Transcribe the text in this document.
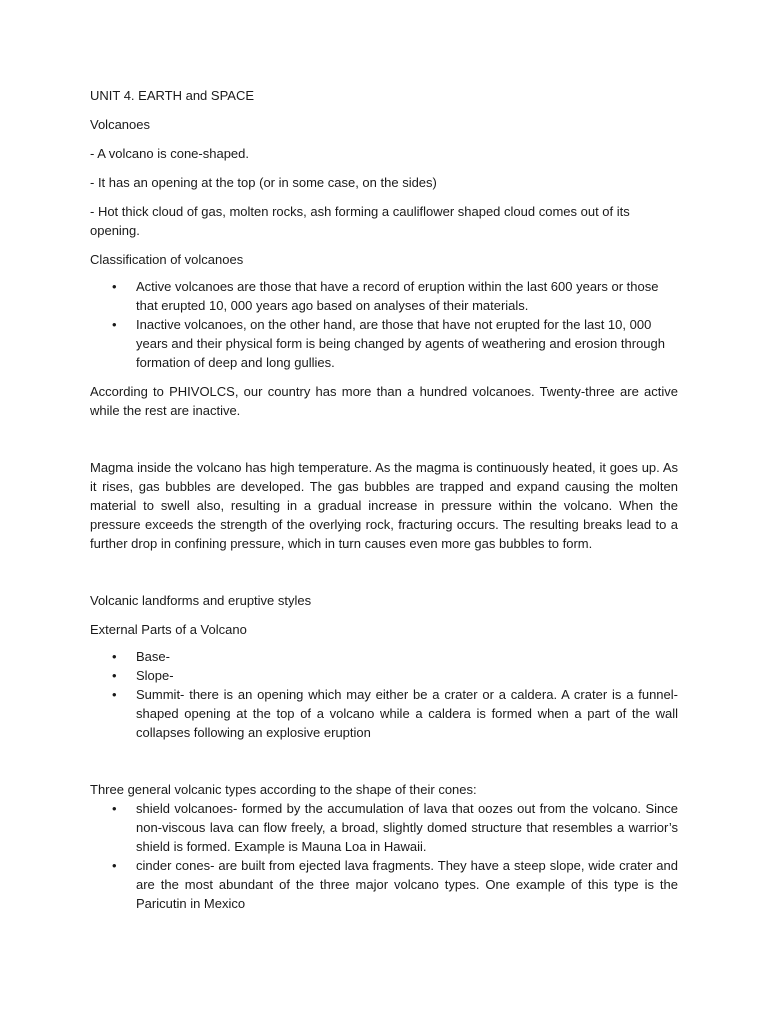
UNIT 4. EARTH and SPACE

Volcanoes

- A volcano is cone-shaped.

- It has an opening at the top (or in some case, on the sides)

- Hot thick cloud of gas, molten rocks, ash forming a cauliflower shaped cloud comes out of its opening.

Classification of volcanoes

• Active volcanoes are those that have a record of eruption within the last 600 years or those that erupted 10, 000 years ago based on analyses of their materials.
• Inactive volcanoes, on the other hand, are those that have not erupted for the last 10, 000 years and their physical form is being changed by agents of weathering and erosion through formation of deep and long gullies.

According to PHIVOLCS, our country has more than a hundred volcanoes. Twenty-three are active while the rest are inactive.

Magma inside the volcano has high temperature. As the magma is continuously heated, it goes up. As it rises, gas bubbles are developed. The gas bubbles are trapped and expand causing the molten material to swell also, resulting in a gradual increase in pressure within the volcano. When the pressure exceeds the strength of the overlying rock, fracturing occurs. The resulting breaks lead to a further drop in confining pressure, which in turn causes even more gas bubbles to form.

Volcanic landforms and eruptive styles

External Parts of a Volcano

• Base-
• Slope-
• Summit- there is an opening which may either be a crater or a caldera. A crater is a funnel-shaped opening at the top of a volcano while a caldera is formed when a part of the wall collapses following an explosive eruption

Three general volcanic types according to the shape of their cones:

• shield volcanoes- formed by the accumulation of lava that oozes out from the volcano. Since non-viscous lava can flow freely, a broad, slightly domed structure that resembles a warrior’s shield is formed. Example is Mauna Loa in Hawaii.
• cinder cones- are built from ejected lava fragments. They have a steep slope, wide crater and are the most abundant of the three major volcano types. One example of this type is the Paricutin in Mexico
